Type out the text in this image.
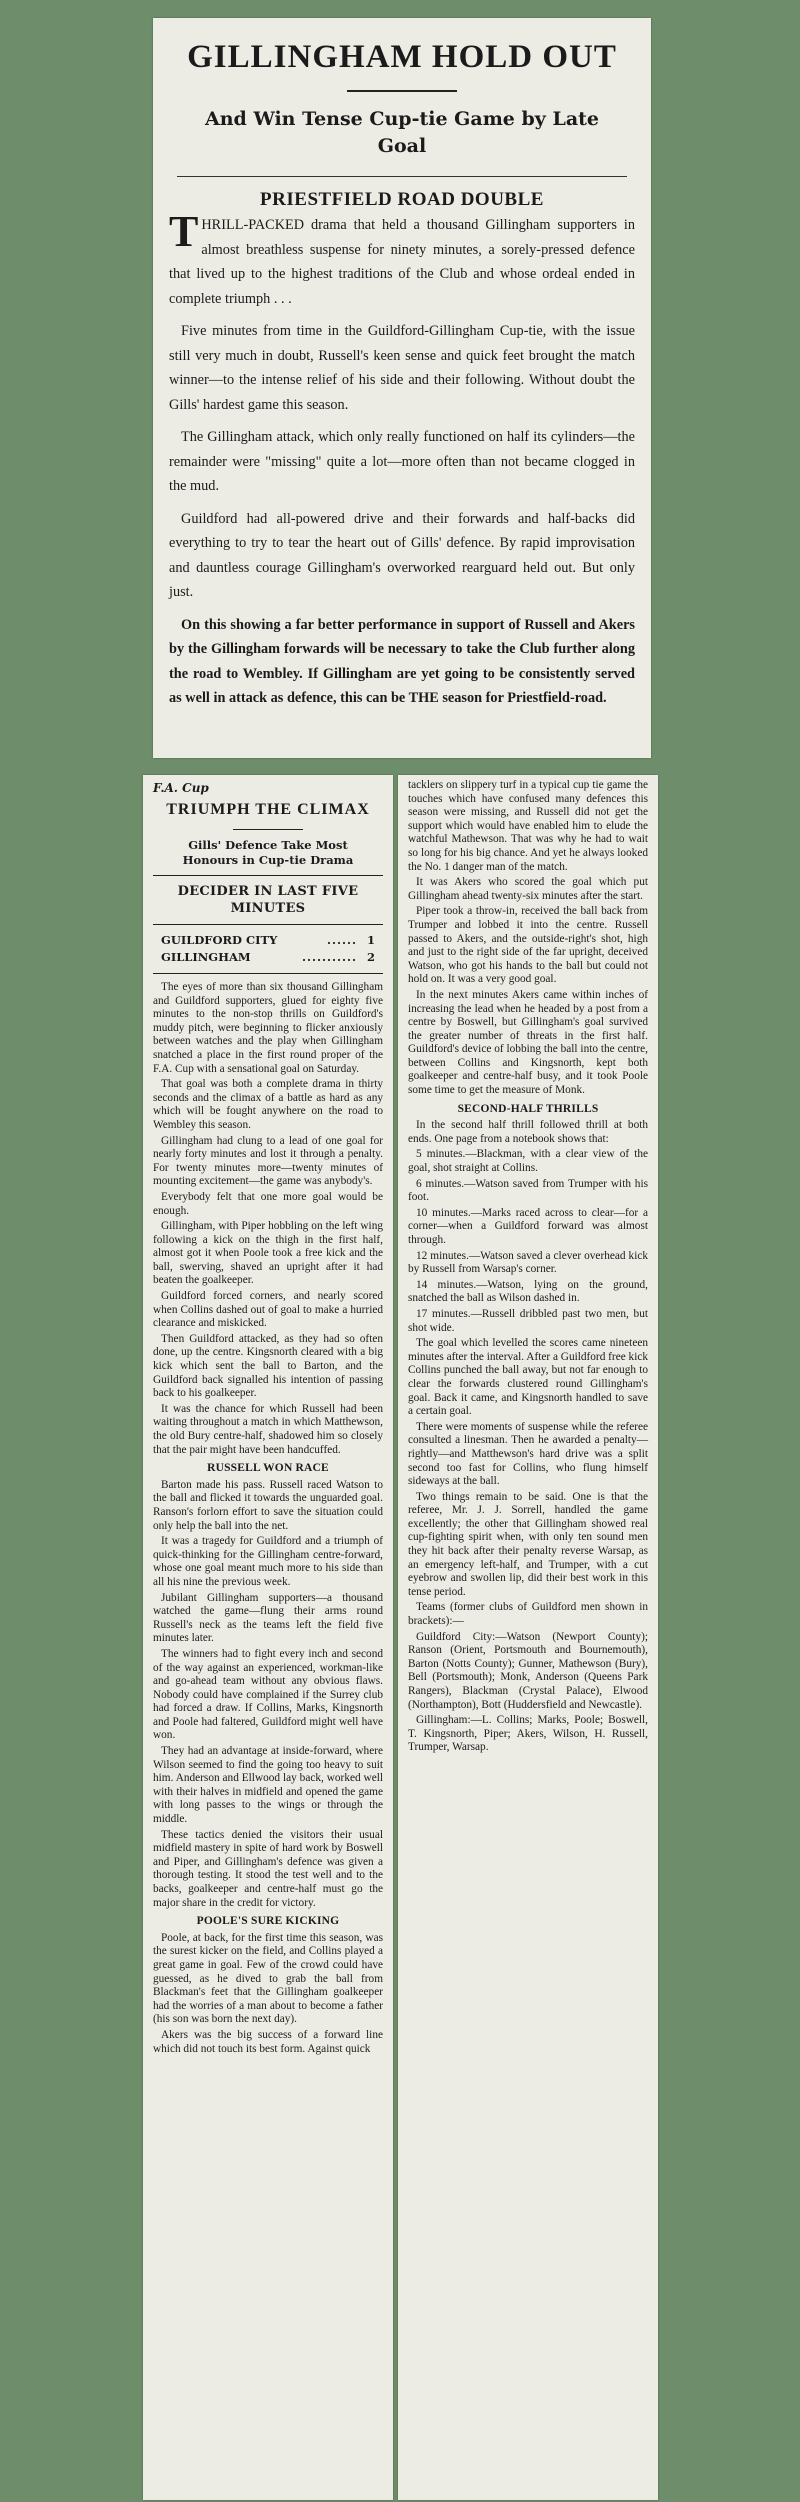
GILLINGHAM HOLD OUT
And Win Tense Cup-tie Game by Late Goal
PRIESTFIELD ROAD DOUBLE

THRILL-PACKED drama that held a thousand Gillingham supporters in almost breathless suspense for ninety minutes, a sorely-pressed defence that lived up to the highest traditions of the Club and whose ordeal ended in complete triumph . . .

Five minutes from time in the Guildford-Gillingham Cup-tie, with the issue still very much in doubt, Russell's keen sense and quick feet brought the match winner—to the intense relief of his side and their following. Without doubt the Gills' hardest game this season.

The Gillingham attack, which only really functioned on half its cylinders—the remainder were "missing" quite a lot—more often than not became clogged in the mud.

Guildford had all-powered drive and their forwards and half-backs did everything to try to tear the heart out of Gills' defence. By rapid improvisation and dauntless courage Gillingham's overworked rearguard held out. But only just.

On this showing a far better performance in support of Russell and Akers by the Gillingham forwards will be necessary to take the Club further along the road to Wembley. If Gillingham are yet going to be consistently served as well in attack as defence, this can be THE season for Priestfield-road.

F.A. Cup
TRIUMPH THE CLIMAX
Gills' Defence Take Most Honours in Cup-tie Drama
DECIDER IN LAST FIVE MINUTES
GUILDFORD CITY	...... 1
GILLINGHAM	........... 2

The eyes of more than six thousand Gillingham and Guildford supporters, glued for eighty five minutes to the non-stop thrills on Guildford's muddy pitch, were beginning to flicker anxiously between watches and the play when Gillingham snatched a place in the first round proper of the F.A. Cup with a sensational goal on Saturday.

That goal was both a complete drama in thirty seconds and the climax of a battle as hard as any which will be fought anywhere on the road to Wembley this season.

Gillingham had clung to a lead of one goal for nearly forty minutes and lost it through a penalty. For twenty minutes more—twenty minutes of mounting excitement—the game was anybody's.

Everybody felt that one more goal would be enough.

Gillingham, with Piper hobbling on the left wing following a kick on the thigh in the first half, almost got it when Poole took a free kick and the ball, swerving, shaved an upright after it had beaten the goalkeeper.

Guildford forced corners, and nearly scored when Collins dashed out of goal to make a hurried clearance and miskicked.

Then Guildford attacked, as they had so often done, up the centre. Kingsnorth cleared with a big kick which sent the ball to Barton, and the Guildford back signalled his intention of passing back to his goalkeeper.

It was the chance for which Russell had been waiting throughout a match in which Matthewson, the old Bury centre-half, shadowed him so closely that the pair might have been handcuffed.

RUSSELL WON RACE

Barton made his pass. Russell raced Watson to the ball and flicked it towards the unguarded goal. Ranson's forlorn effort to save the situation could only help the ball into the net.

It was a tragedy for Guildford and a triumph of quick-thinking for the Gillingham centre-forward, whose one goal meant much more to his side than all his nine the previous week.

Jubilant Gillingham supporters—a thousand watched the game—flung their arms round Russell's neck as the teams left the field five minutes later.

The winners had to fight every inch and second of the way against an experienced, workman-like and go-ahead team without any obvious flaws. Nobody could have complained if the Surrey club had forced a draw. If Collins, Marks, Kingsnorth and Poole had faltered, Guildford might well have won.

They had an advantage at inside-forward, where Wilson seemed to find the going too heavy to suit him. Anderson and Ellwood lay back, worked well with their halves in midfield and opened the game with long passes to the wings or through the middle.

These tactics denied the visitors their usual midfield mastery in spite of hard work by Boswell and Piper, and Gillingham's defence was given a thorough testing. It stood the test well and to the backs, goalkeeper and centre-half must go the major share in the credit for victory.

POOLE'S SURE KICKING

Poole, at back, for the first time this season, was the surest kicker on the field, and Collins played a great game in goal. Few of the crowd could have guessed, as he dived to grab the ball from Blackman's feet that the Gillingham goalkeeper had the worries of a man about to become a father (his son was born the next day).

Akers was the big success of a forward line which did not touch its best form. Against quick

tacklers on slippery turf in a typical cup tie game the touches which have confused many defences this season were missing, and Russell did not get the support which would have enabled him to elude the watchful Mathewson. That was why he had to wait so long for his big chance. And yet he always looked the No. 1 danger man of the match.

It was Akers who scored the goal which put Gillingham ahead twenty-six minutes after the start.

Piper took a throw-in, received the ball back from Trumper and lobbed it into the centre. Russell passed to Akers, and the outside-right's shot, high and just to the right side of the far upright, deceived Watson, who got his hands to the ball but could not hold on. It was a very good goal.

In the next minutes Akers came within inches of increasing the lead when he headed by a post from a centre by Boswell, but Gillingham's goal survived the greater number of threats in the first half. Guildford's device of lobbing the ball into the centre, between Collins and Kingsnorth, kept both goalkeeper and centre-half busy, and it took Poole some time to get the measure of Monk.

SECOND-HALF THRILLS

In the second half thrill followed thrill at both ends. One page from a notebook shows that:

5 minutes.—Blackman, with a clear view of the goal, shot straight at Collins.

6 minutes.—Watson saved from Trumper with his foot.

10 minutes.—Marks raced across to clear—for a corner—when a Guildford forward was almost through.

12 minutes.—Watson saved a clever overhead kick by Russell from Warsap's corner.

14 minutes.—Watson, lying on the ground, snatched the ball as Wilson dashed in.

17 minutes.—Russell dribbled past two men, but shot wide.

The goal which levelled the scores came nineteen minutes after the interval. After a Guildford free kick Collins punched the ball away, but not far enough to clear the forwards clustered round Gillingham's goal. Back it came, and Kingsnorth handled to save a certain goal.

There were moments of suspense while the referee consulted a linesman. Then he awarded a penalty—rightly—and Matthewson's hard drive was a split second too fast for Collins, who flung himself sideways at the ball.

Two things remain to be said. One is that the referee, Mr. J. J. Sorrell, handled the game excellently; the other that Gillingham showed real cup-fighting spirit when, with only ten sound men they hit back after their penalty reverse Warsap, as an emergency left-half, and Trumper, with a cut eyebrow and swollen lip, did their best work in this tense period.

Teams (former clubs of Guildford men shown in brackets):—

Guildford City:—Watson (Newport County); Ranson (Orient, Portsmouth and Bournemouth), Barton (Notts County); Gunner, Mathewson (Bury), Bell (Portsmouth); Monk, Anderson (Queens Park Rangers), Blackman (Crystal Palace), Elwood (Northampton), Bott (Huddersfield and Newcastle).

Gillingham:—L. Collins; Marks, Poole; Boswell, T. Kingsnorth, Piper; Akers, Wilson, H. Russell, Trumper, Warsap.
